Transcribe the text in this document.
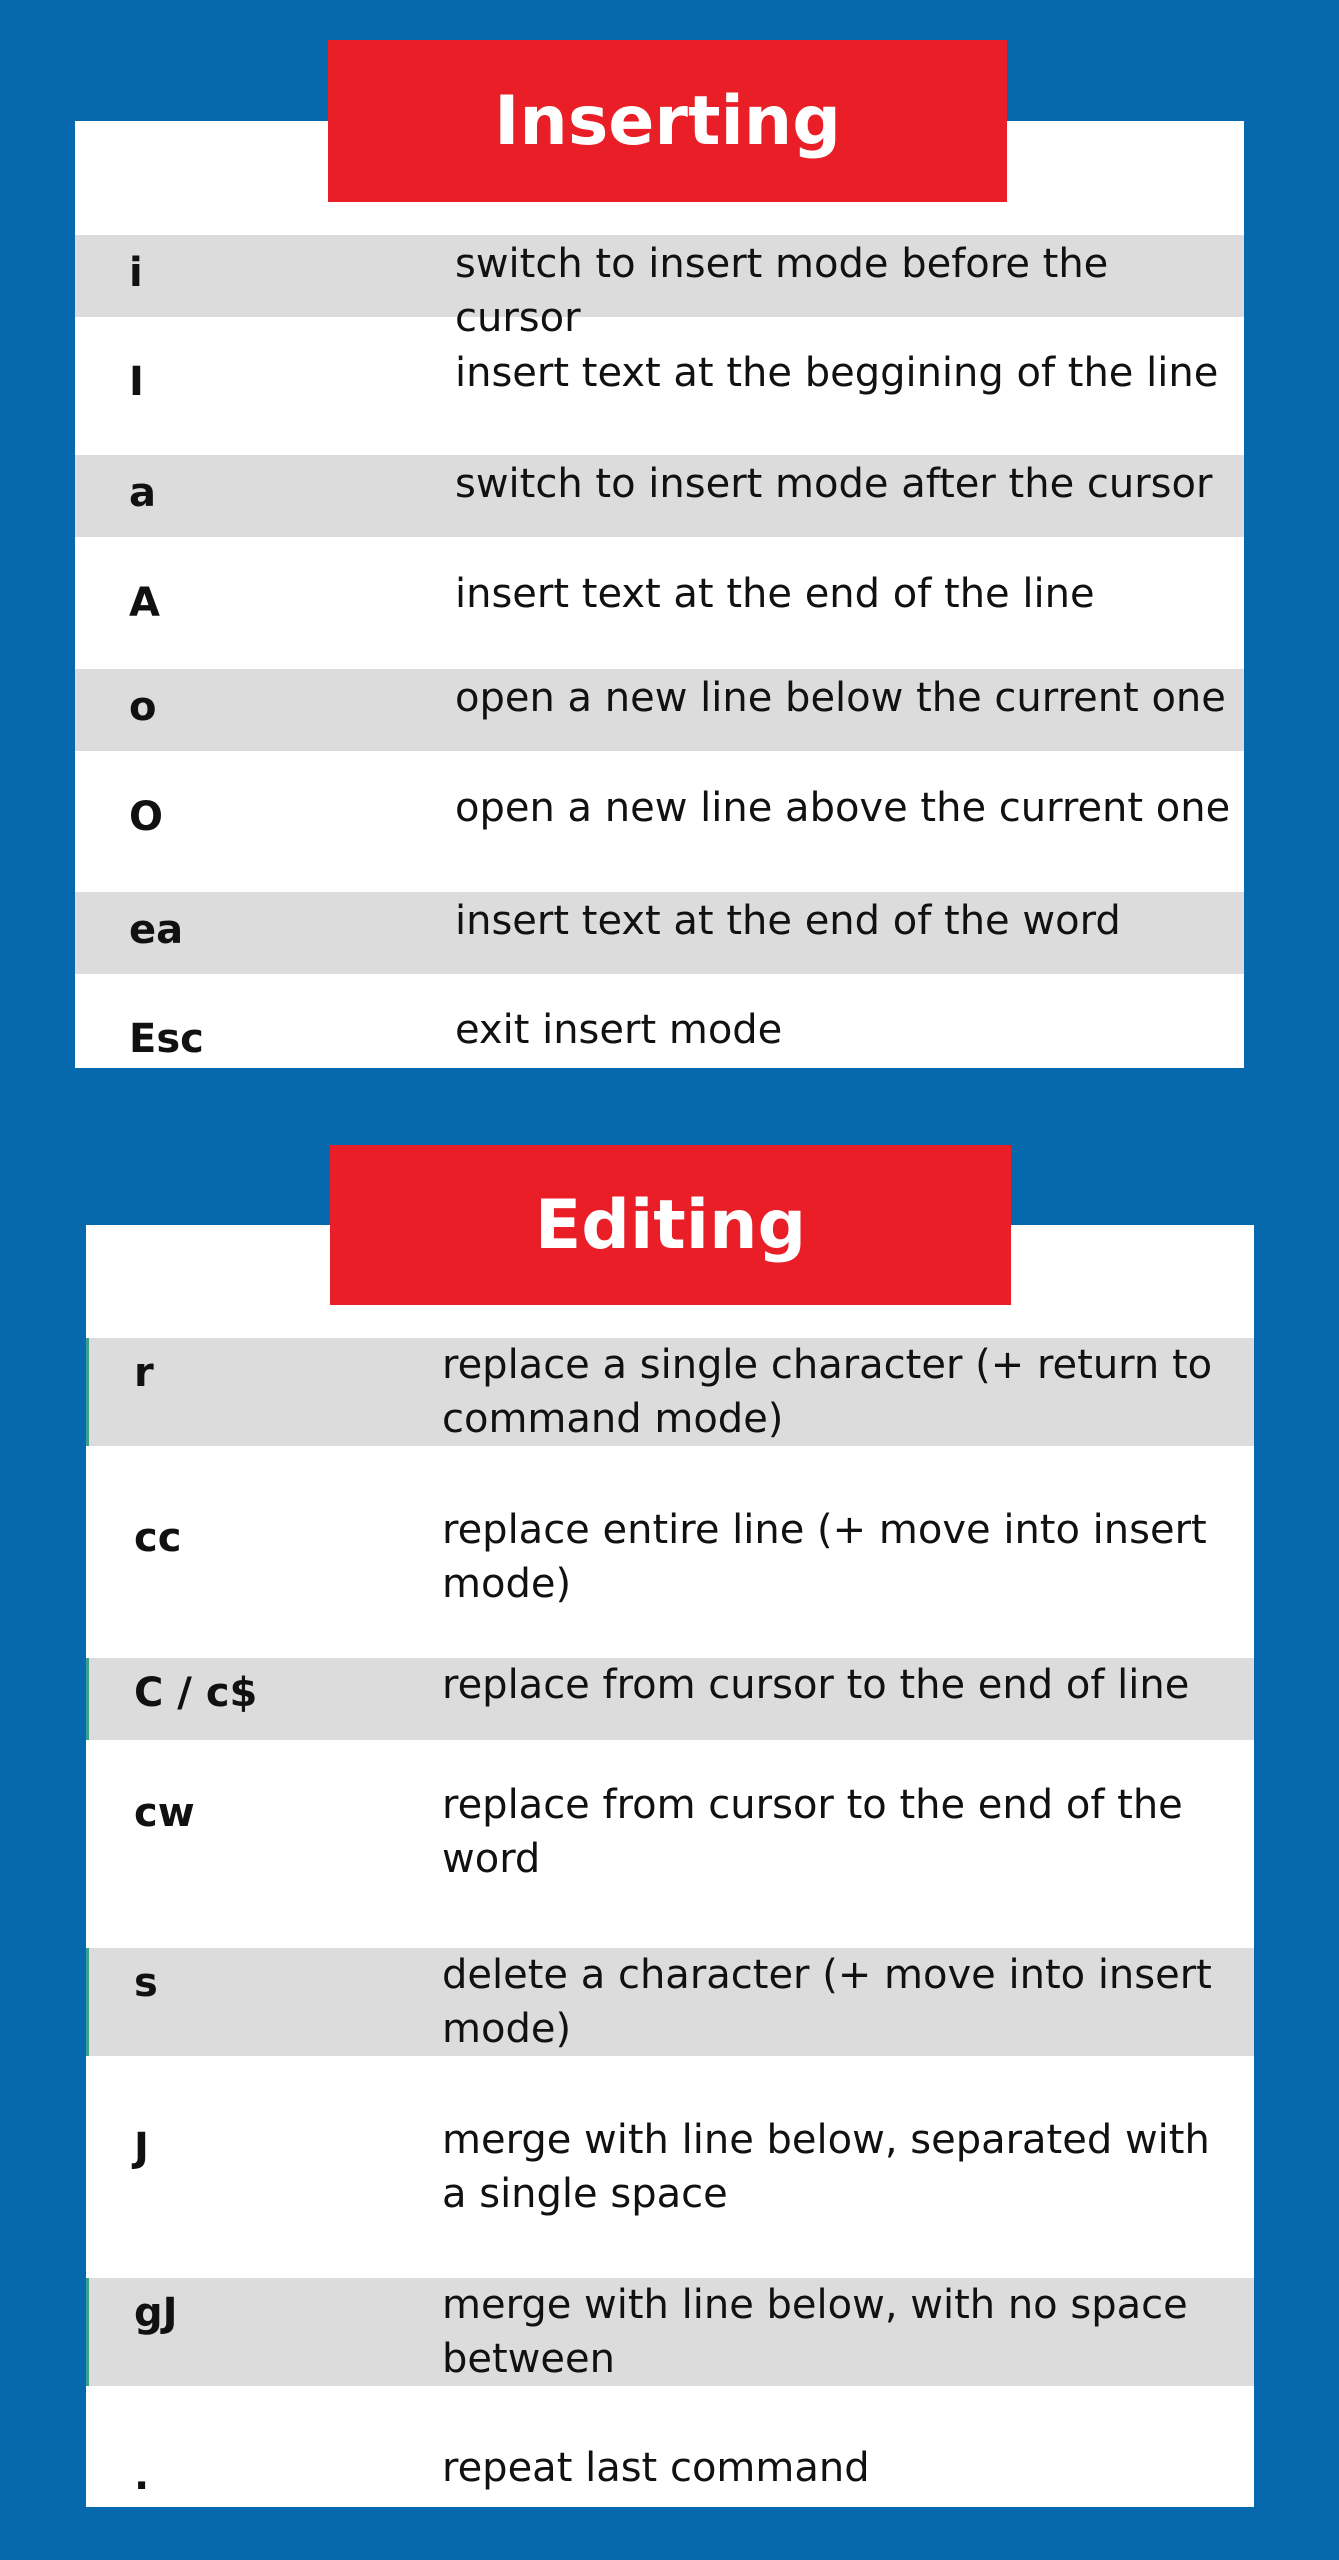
i	switch to insert mode before the cursor
I	insert text at the beggining of the line
a	switch to insert mode after the cursor
A	insert text at the end of the line
o	open a new line below the current one
O	open a new line above the current one
ea	insert text at the end of the word
Esc	exit insert mode
Inserting
r	replace a single character (+ return to command mode)
cc	replace entire line (+ move into insert mode)
C / c$	replace from cursor to the end of line
cw	replace from cursor to the end of the word
s	delete a character (+ move into insert mode)
J	merge with line below, separated with a single space
gJ	merge with line below, with no space between
.	repeat last command
Editing
